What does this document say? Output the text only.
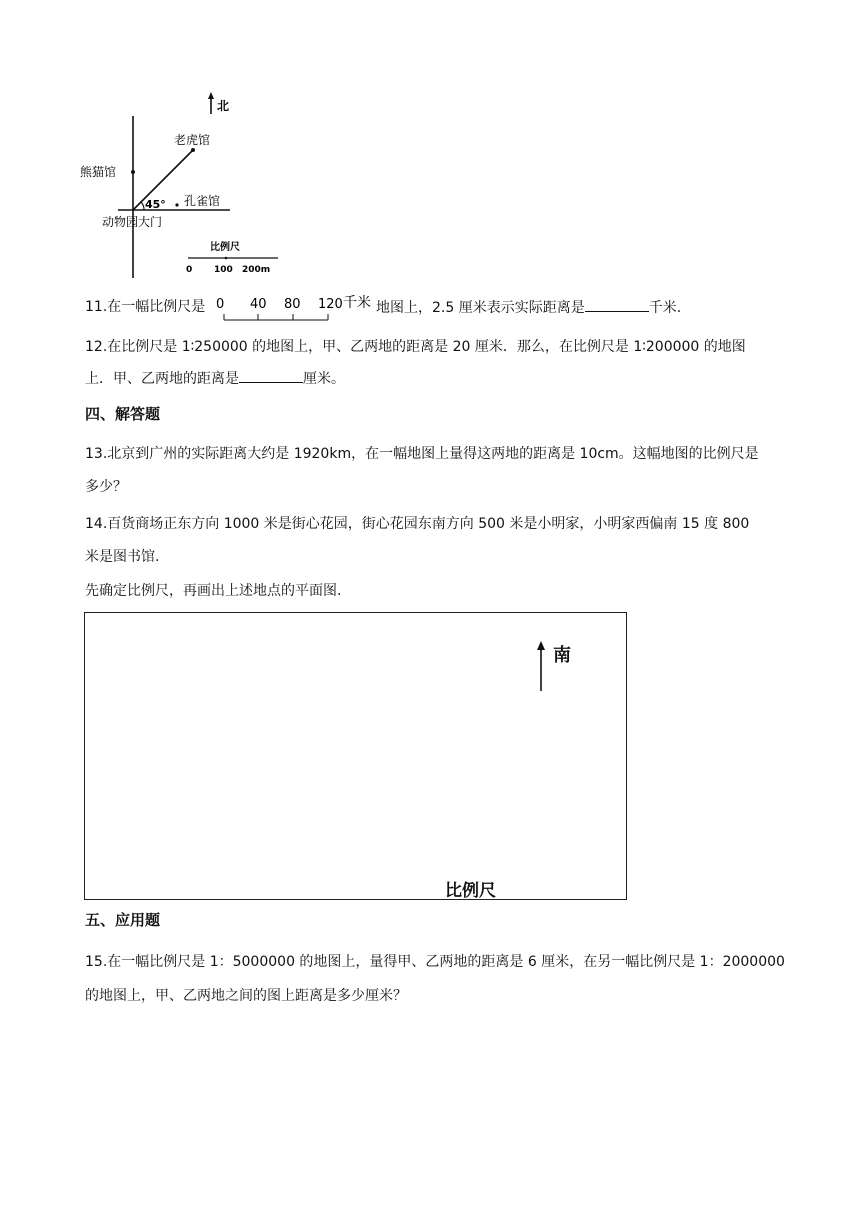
北
老虎馆
熊猫馆
45° 孔雀馆
动物园大门
比例尺
0 100 200m
11.在一幅比例尺是 0 40 80 120 千米 地图上，2.5 厘米表示实际距离是	千米.
12.在比例尺是 1∶250000 的地图上，甲、乙两地的距离是 20 厘米．那么，在比例尺是 1∶200000 的地图
上．甲、乙两地的距离是	厘米。
四、解答题
13.北京到广州的实际距离大约是 1920km，在一幅地图上量得这两地的距离是 10cm。这幅地图的比例尺是
多少？
14.百货商场正东方向 1000 米是街心花园，街心花园东南方向 500 米是小明家，小明家西偏南 15 度 800
米是图书馆.
先确定比例尺，再画出上述地点的平面图.
南
比例尺
五、应用题
15.在一幅比例尺是 1：5000000 的地图上，量得甲、乙两地的距离是 6 厘米，在另一幅比例尺是 1：2000000
的地图上，甲、乙两地之间的图上距离是多少厘米？
